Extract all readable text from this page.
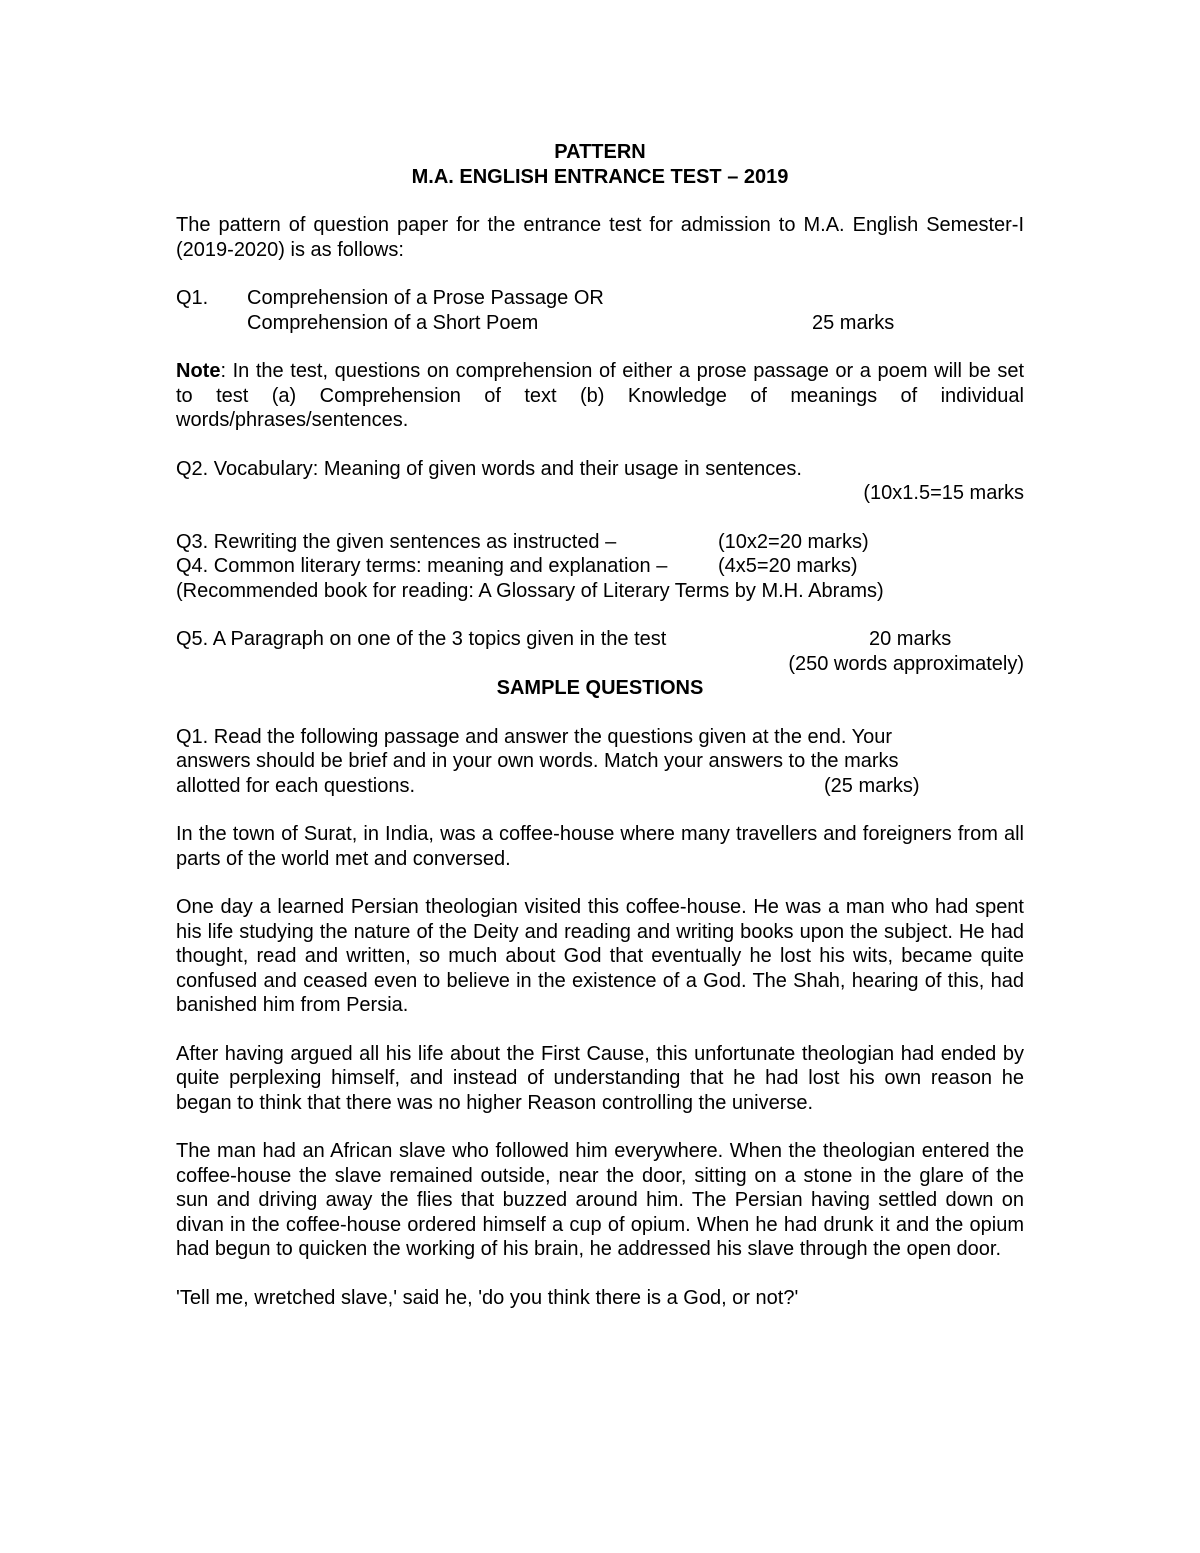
PATTERN

M.A. ENGLISH ENTRANCE TEST – 2019

The pattern of question paper for the entrance test for admission to M.A. English Semester-I (2019-2020) is as follows:

Q1. Comprehension of a Prose Passage OR
Comprehension of a Short Poem	25 marks

Note: In the test, questions on comprehension of either a prose passage or a poem will be set to test (a) Comprehension of text (b) Knowledge of meanings of individual words/phrases/sentences.

Q2. Vocabulary: Meaning of given words and their usage in sentences.

(10x1.5=15 marks

Q3. Rewriting the given sentences as instructed –	(10x2=20 marks)
Q4. Common literary terms: meaning and explanation –	(4x5=20 marks)

(Recommended book for reading: A Glossary of Literary Terms by M.H. Abrams)

Q5. A Paragraph on one of the 3 topics given in the test	20 marks

(250 words approximately)

SAMPLE QUESTIONS

Q1. Read the following passage and answer the questions given at the end. Your

answers should be brief and in your own words. Match your answers to the marks

allotted for each questions.	(25 marks)

In the town of Surat, in India, was a coffee-house where many travellers and foreigners from all parts of the world met and conversed.

One day a learned Persian theologian visited this coffee-house. He was a man who had spent his life studying the nature of the Deity and reading and writing books upon the subject. He had thought, read and written, so much about God that eventually he lost his wits, became quite confused and ceased even to believe in the existence of a God. The Shah, hearing of this, had banished him from Persia.

After having argued all his life about the First Cause, this unfortunate theologian had ended by quite perplexing himself, and instead of understanding that he had lost his own reason he began to think that there was no higher Reason controlling the universe.

The man had an African slave who followed him everywhere. When the theologian entered the coffee-house the slave remained outside, near the door, sitting on a stone in the glare of the sun and driving away the flies that buzzed around him. The Persian having settled down on divan in the coffee-house ordered himself a cup of opium. When he had drunk it and the opium had begun to quicken the working of his brain, he addressed his slave through the open door.

'Tell me, wretched slave,' said he, 'do you think there is a God, or not?'
